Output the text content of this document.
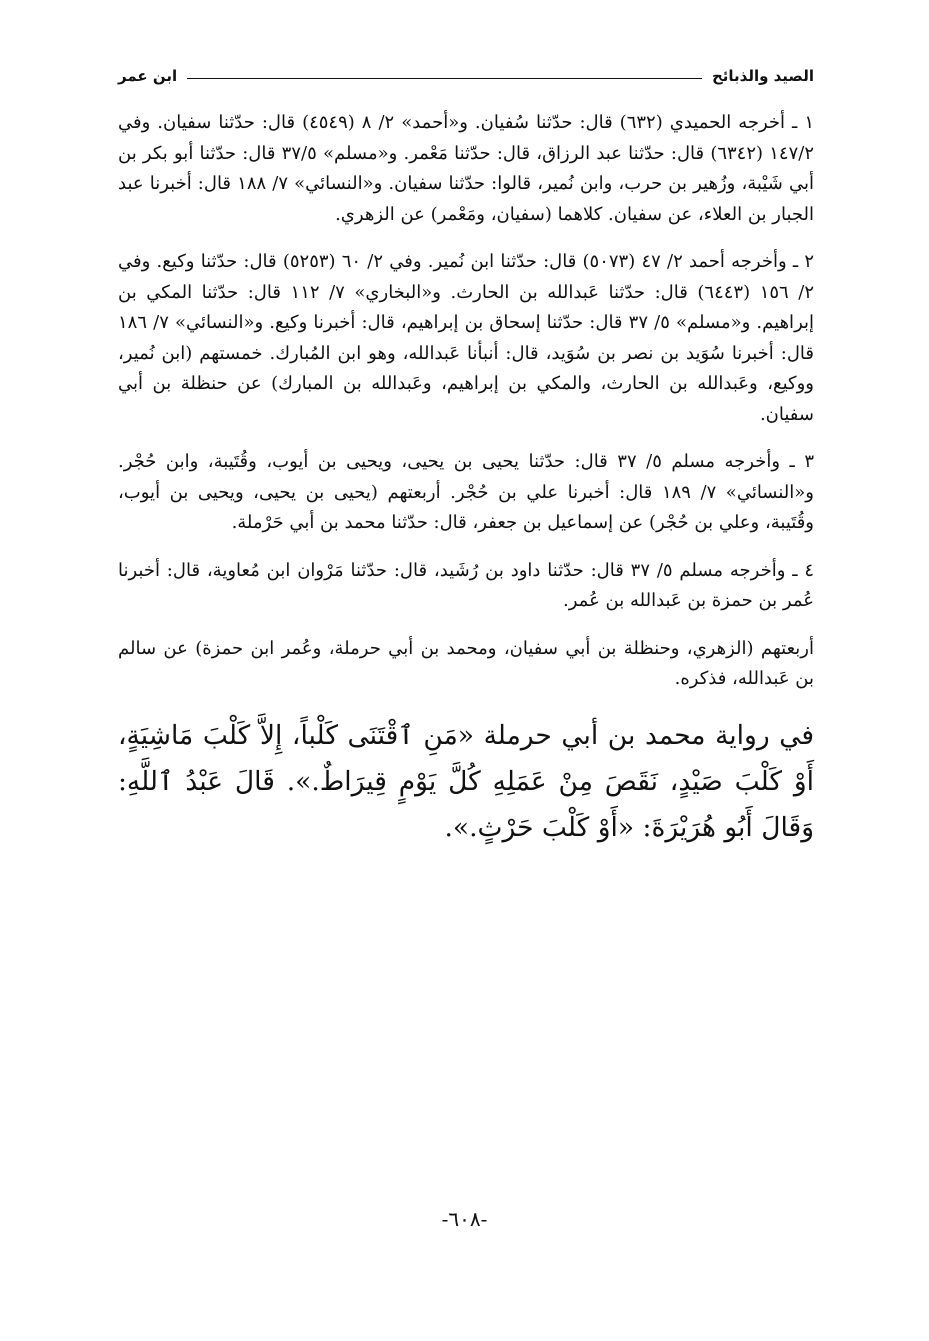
الصيد والذبائح
ابن عمر

١ ـ أخرجه الحميدي (٦٣٢) قال: حدّثنا سُفيان. و«أحمد» ٢/ ٨ (٤٥٤٩) قال: حدّثنا سفيان. وفي ١٤٧/٢ (٦٣٤٢) قال: حدّثنا عبد الرزاق، قال: حدّثنا مَعْمر. و«مسلم» ٣٧/٥ قال: حدّثنا أبو بكر بن أبي شَيْبة، وزُهير بن حرب، وابن نُمير، قالوا: حدّثنا سفيان. و«النسائي» ٧/ ١٨٨ قال: أخبرنا عبد الجبار بن العلاء، عن سفيان. كلاهما (سفيان، ومَعْمر) عن الزهري.

٢ ـ وأخرجه أحمد ٢/ ٤٧ (٥٠٧٣) قال: حدّثنا ابن نُمير. وفي ٢/ ٦٠ (٥٢٥٣) قال: حدّثنا وكيع. وفي ٢/ ١٥٦ (٦٤٤٣) قال: حدّثنا عَبدالله بن الحارث. و«البخاري» ٧/ ١١٢ قال: حدّثنا المكي بن إبراهيم. و«مسلم» ٥/ ٣٧ قال: حدّثنا إسحاق بن إبراهيم، قال: أخبرنا وكيع. و«النسائي» ٧/ ١٨٦ قال: أخبرنا سُوَيد بن نصر بن سُوَيد، قال: أنبأنا عَبدالله، وهو ابن المُبارك. خمستهم (ابن نُمير، ووكيع، وعَبدالله بن الحارث، والمكي بن إبراهيم، وعَبدالله بن المبارك) عن حنظلة بن أبي سفيان.

٣ ـ وأخرجه مسلم ٥/ ٣٧ قال: حدّثنا يحيى بن يحيى، ويحيى بن أيوب، وقُتَيبة، وابن حُجْر. و«النسائي» ٧/ ١٨٩ قال: أخبرنا علي بن حُجْر. أربعتهم (يحيى بن يحيى، ويحيى بن أيوب، وقُتَيبة، وعلي بن حُجْر) عن إسماعيل بن جعفر، قال: حدّثنا محمد بن أبي حَرْملة.

٤ ـ وأخرجه مسلم ٥/ ٣٧ قال: حدّثنا داود بن رُشَيد، قال: حدّثنا مَرْوان ابن مُعاوية، قال: أخبرنا عُمر بن حمزة بن عَبدالله بن عُمر.

أربعتهم (الزهري، وحنظلة بن أبي سفيان، ومحمد بن أبي حرملة، وعُمر ابن حمزة) عن سالم بن عَبدالله، فذكره.

في رواية محمد بن أبي حرملة «مَنِ ٱقْتَنَى كَلْباً، إِلاَّ كَلْبَ مَاشِيَةٍ، أَوْ كَلْبَ صَيْدٍ، نَقَصَ مِنْ عَمَلِهِ كُلَّ يَوْمٍ قِيرَاطٌ.». قَالَ عَبْدُ ٱللَّهِ: وَقَالَ أَبُو هُرَيْرَةَ: «أَوْ كَلْبَ حَرْثٍ.».

-٦٠٨-
